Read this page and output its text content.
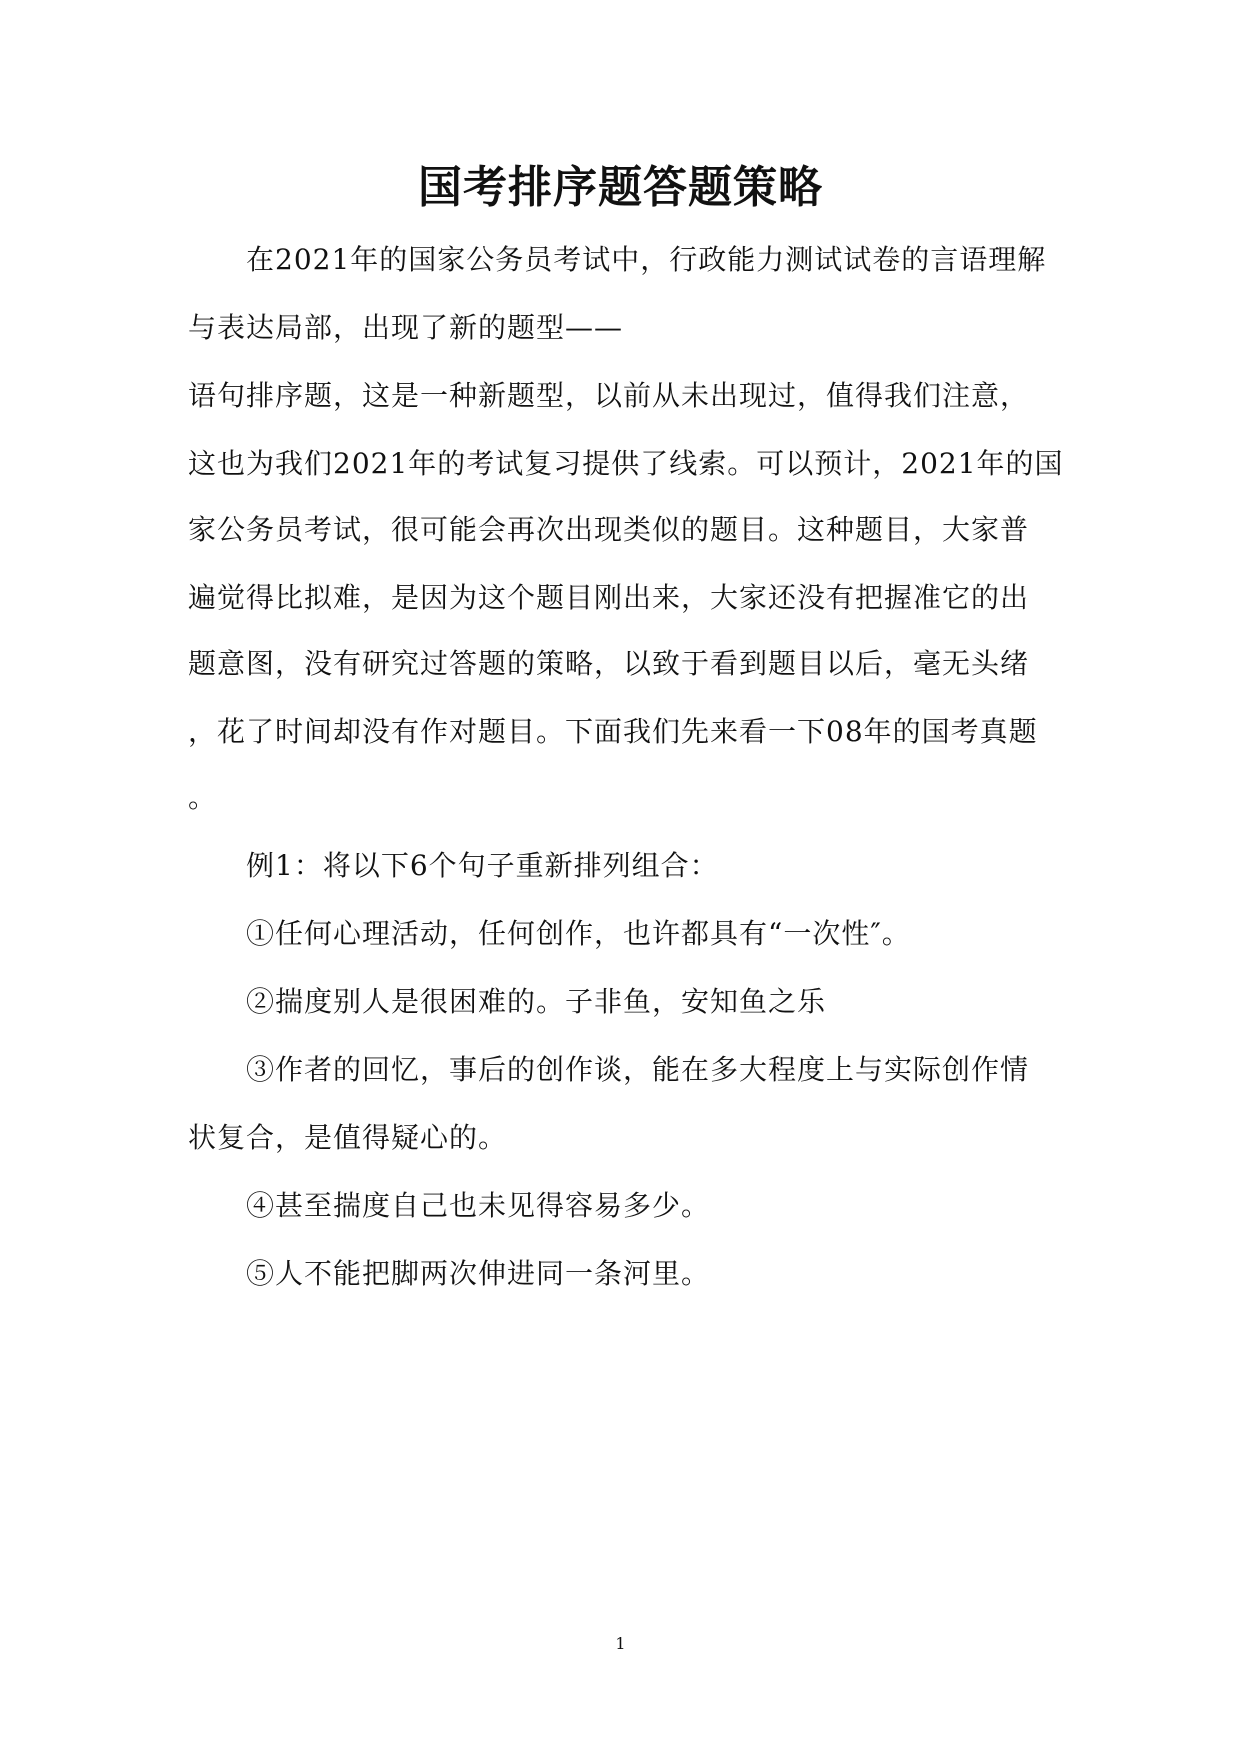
国考排序题答题策略
在2021年的国家公务员考试中，行政能力测试试卷的言语理解
与表达局部，出现了新的题型——
语句排序题，这是一种新题型，以前从未出现过，值得我们注意，
这也为我们2021年的考试复习提供了线索。可以预计，2021年的国
家公务员考试，很可能会再次出现类似的题目。这种题目，大家普
遍觉得比拟难，是因为这个题目刚出来，大家还没有把握准它的出
题意图，没有研究过答题的策略，以致于看到题目以后，毫无头绪
，花了时间却没有作对题目。下面我们先来看一下08年的国考真题
。
例1：将以下6个句子重新排列组合：
①任何心理活动，任何创作，也许都具有“一次性″。
②揣度别人是很困难的。子非鱼，安知鱼之乐
③作者的回忆，事后的创作谈，能在多大程度上与实际创作情
状复合，是值得疑心的。
④甚至揣度自己也未见得容易多少。
⑤人不能把脚两次伸进同一条河里。
1
